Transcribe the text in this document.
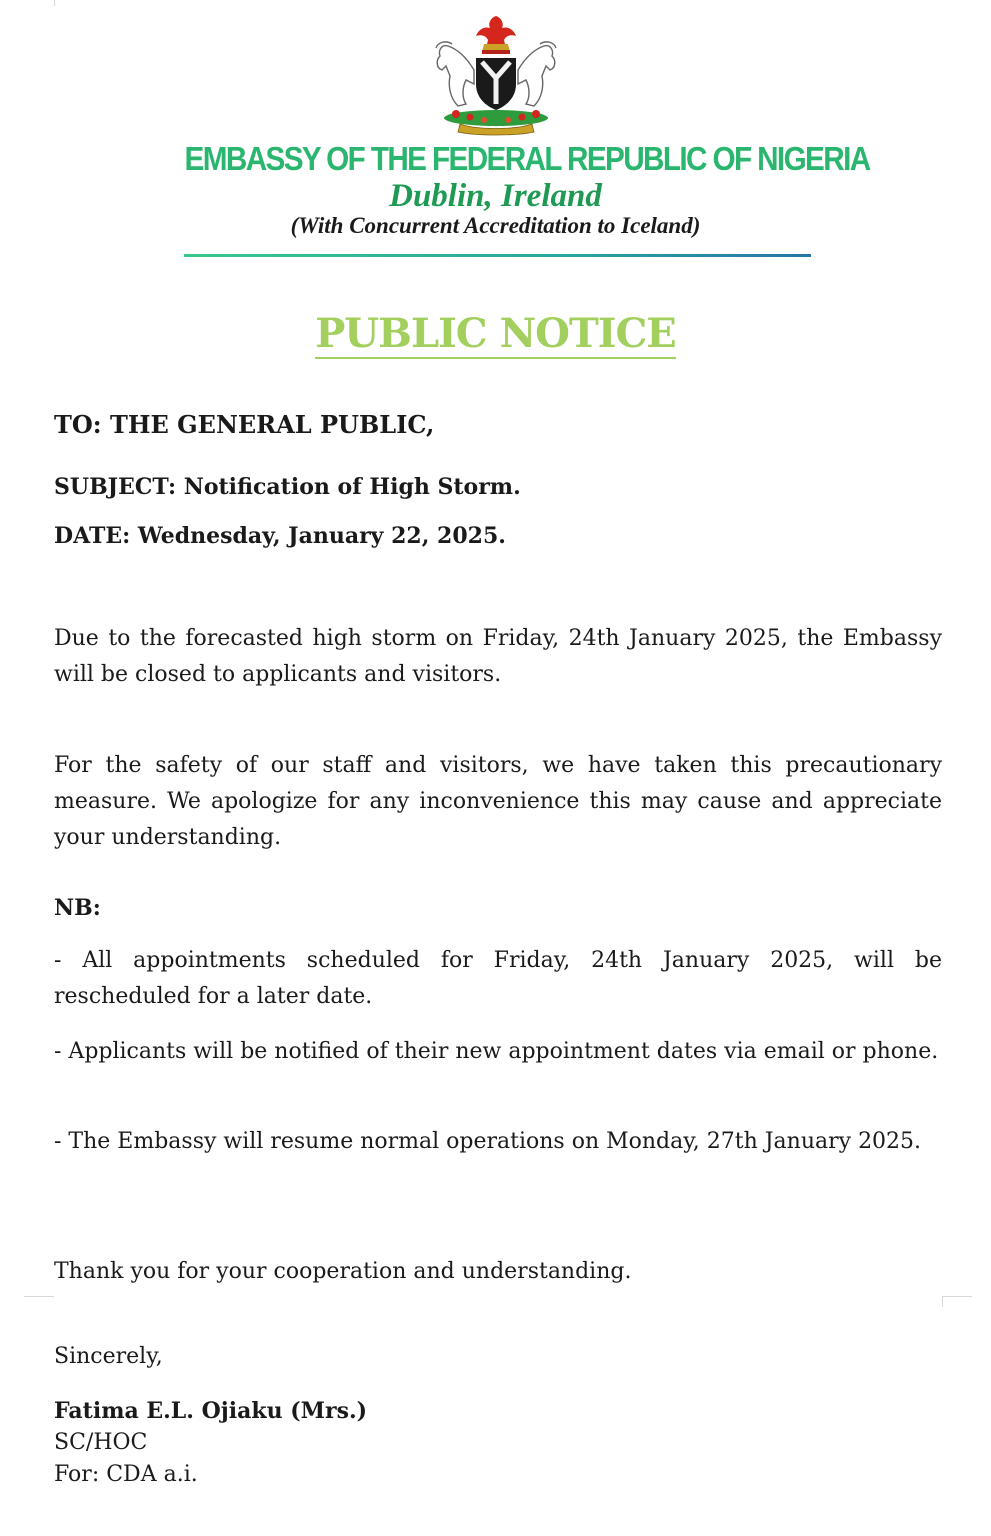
EMBASSY OF THE FEDERAL REPUBLIC OF NIGERIA
Dublin, Ireland
(With Concurrent Accreditation to Iceland)
PUBLIC NOTICE
TO: THE GENERAL PUBLIC,
SUBJECT: Notification of High Storm.
DATE: Wednesday, January 22, 2025.
Due to the forecasted high storm on Friday, 24th January 2025, the Embassy will be closed to applicants and visitors.
For the safety of our staff and visitors, we have taken this precautionary measure. We apologize for any inconvenience this may cause and appreciate your understanding.
NB:
- All appointments scheduled for Friday, 24th January 2025, will be rescheduled for a later date.
- Applicants will be notified of their new appointment dates via email or phone.
- The Embassy will resume normal operations on Monday, 27th January 2025.
Thank you for your cooperation and understanding.
Sincerely,
Fatima E.L. Ojiaku (Mrs.)
SC/HOC
For: CDA a.i.
